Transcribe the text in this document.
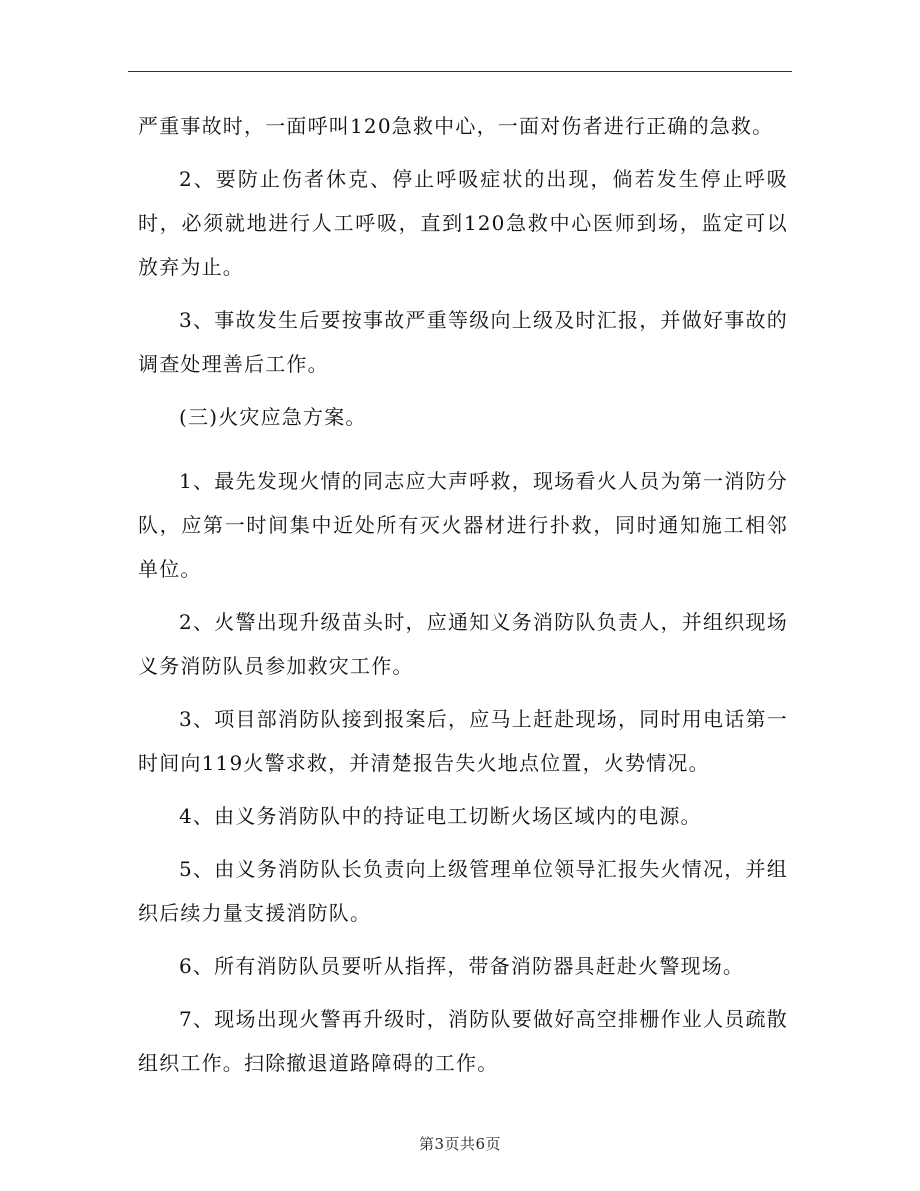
严重事故时，一面呼叫120急救中心，一面对伤者进行正确的急救。

2、要防止伤者休克、停止呼吸症状的出现，倘若发生停止呼吸时，必须就地进行人工呼吸，直到120急救中心医师到场，监定可以放弃为止。

3、事故发生后要按事故严重等级向上级及时汇报，并做好事故的调查处理善后工作。

(三)火灾应急方案。

1、最先发现火情的同志应大声呼救，现场看火人员为第一消防分队，应第一时间集中近处所有灭火器材进行扑救，同时通知施工相邻单位。

2、火警出现升级苗头时，应通知义务消防队负责人，并组织现场义务消防队员参加救灾工作。

3、项目部消防队接到报案后，应马上赶赴现场，同时用电话第一时间向119火警求救，并清楚报告失火地点位置，火势情况。

4、由义务消防队中的持证电工切断火场区域内的电源。

5、由义务消防队长负责向上级管理单位领导汇报失火情况，并组织后续力量支援消防队。

6、所有消防队员要听从指挥，带备消防器具赶赴火警现场。

7、现场出现火警再升级时，消防队要做好高空排栅作业人员疏散组织工作。扫除撤退道路障碍的工作。

第3页共6页
